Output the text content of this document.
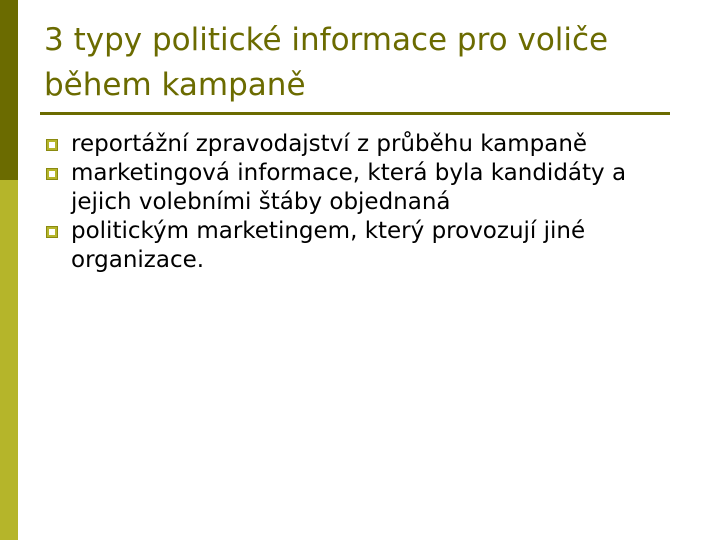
3 typy politické informace pro voliče během kampaně
reportážní zpravodajství z průběhu kampaně
marketingová informace, která byla kandidáty a jejich volebními štáby objednaná
politickým marketingem, který provozují jiné organizace.
